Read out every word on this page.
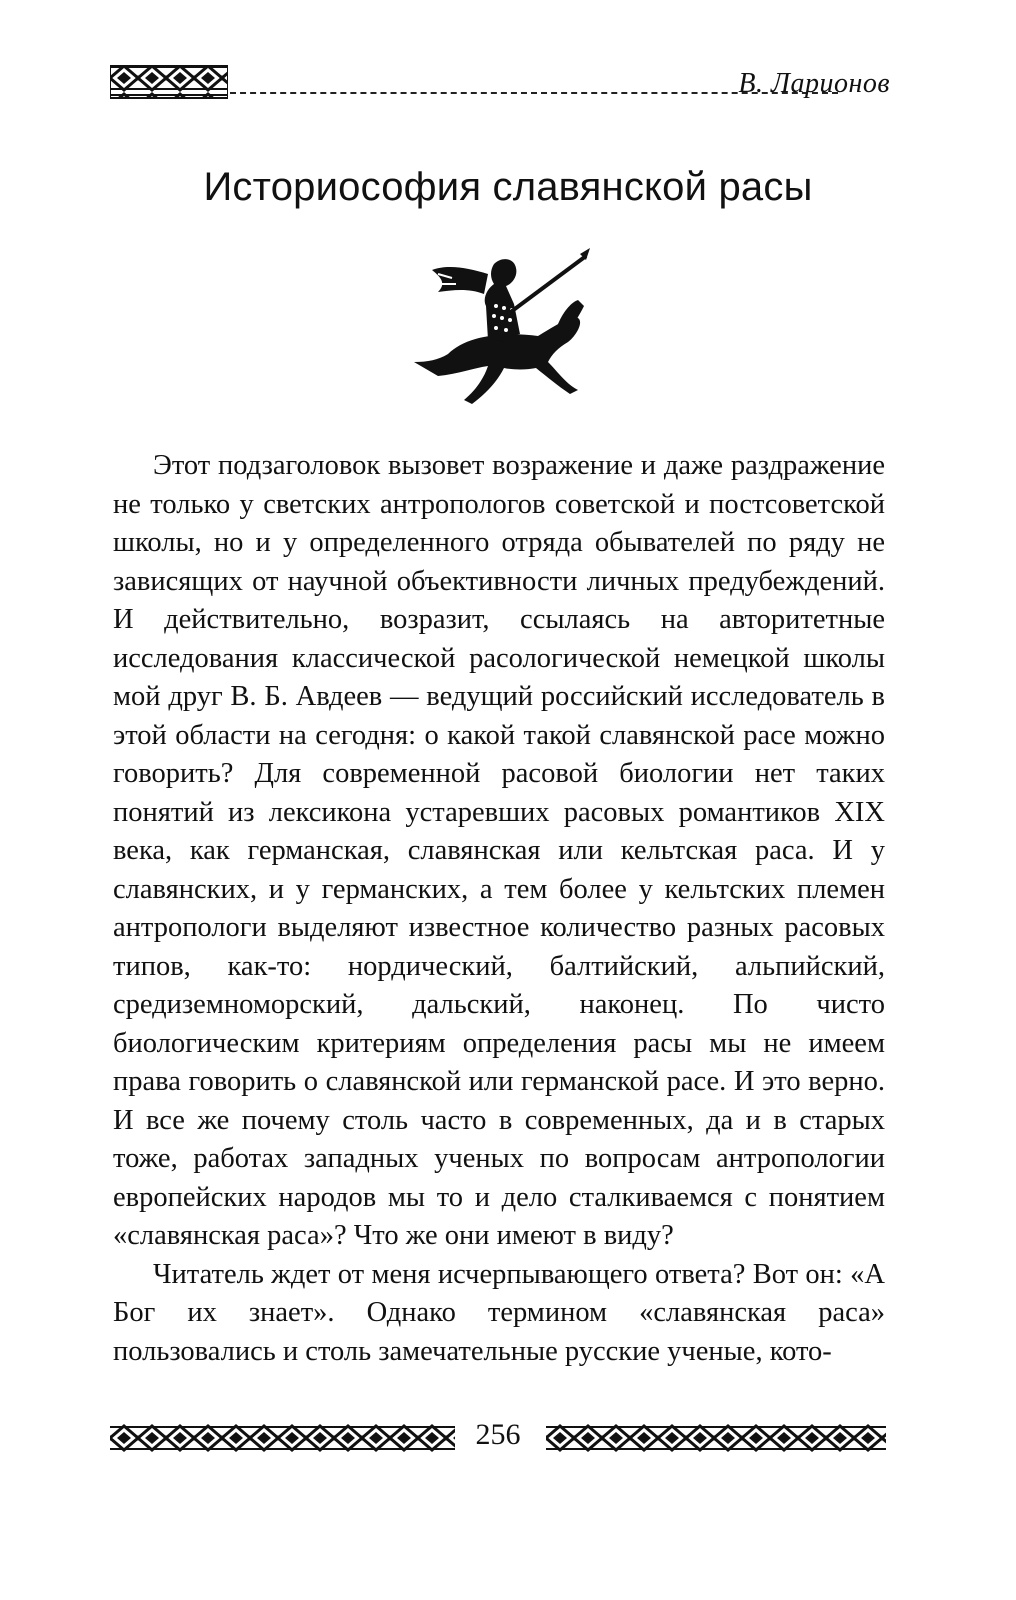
В. Ларионов
Историософия славянской расы

Этот подзаголовок вызовет возражение и даже раздражение не только у светских антропологов советской и постсоветской школы, но и у определенного отряда обывателей по ряду не зависящих от научной объективности личных предубеждений. И действительно, возразит, ссылаясь на авторитетные исследования классической расологической немецкой школы мой друг В. Б. Авдеев — ведущий российский исследователь в этой области на сегодня: о какой такой славянской расе можно говорить? Для современной расовой биологии нет таких понятий из лексикона устаревших расовых романтиков XIX века, как германская, славянская или кельтская раса. И у славянских, и у германских, а тем более у кельтских племен антропологи выделяют известное количество разных расовых типов, как-то: нордический, балтийский, альпийский, средиземноморский, дальский, наконец. По чисто биологическим критериям определения расы мы не имеем права говорить о славянской или германской расе. И это верно. И все же почему столь часто в современных, да и в старых тоже, работах западных ученых по вопросам антропологии европейских народов мы то и дело сталкиваемся с понятием «славянская раса»? Что же они имеют в виду?

Читатель ждет от меня исчерпывающего ответа? Вот он: «А Бог их знает». Однако термином «славянская раса» пользовались и столь замечательные русские ученые, кото-

256
